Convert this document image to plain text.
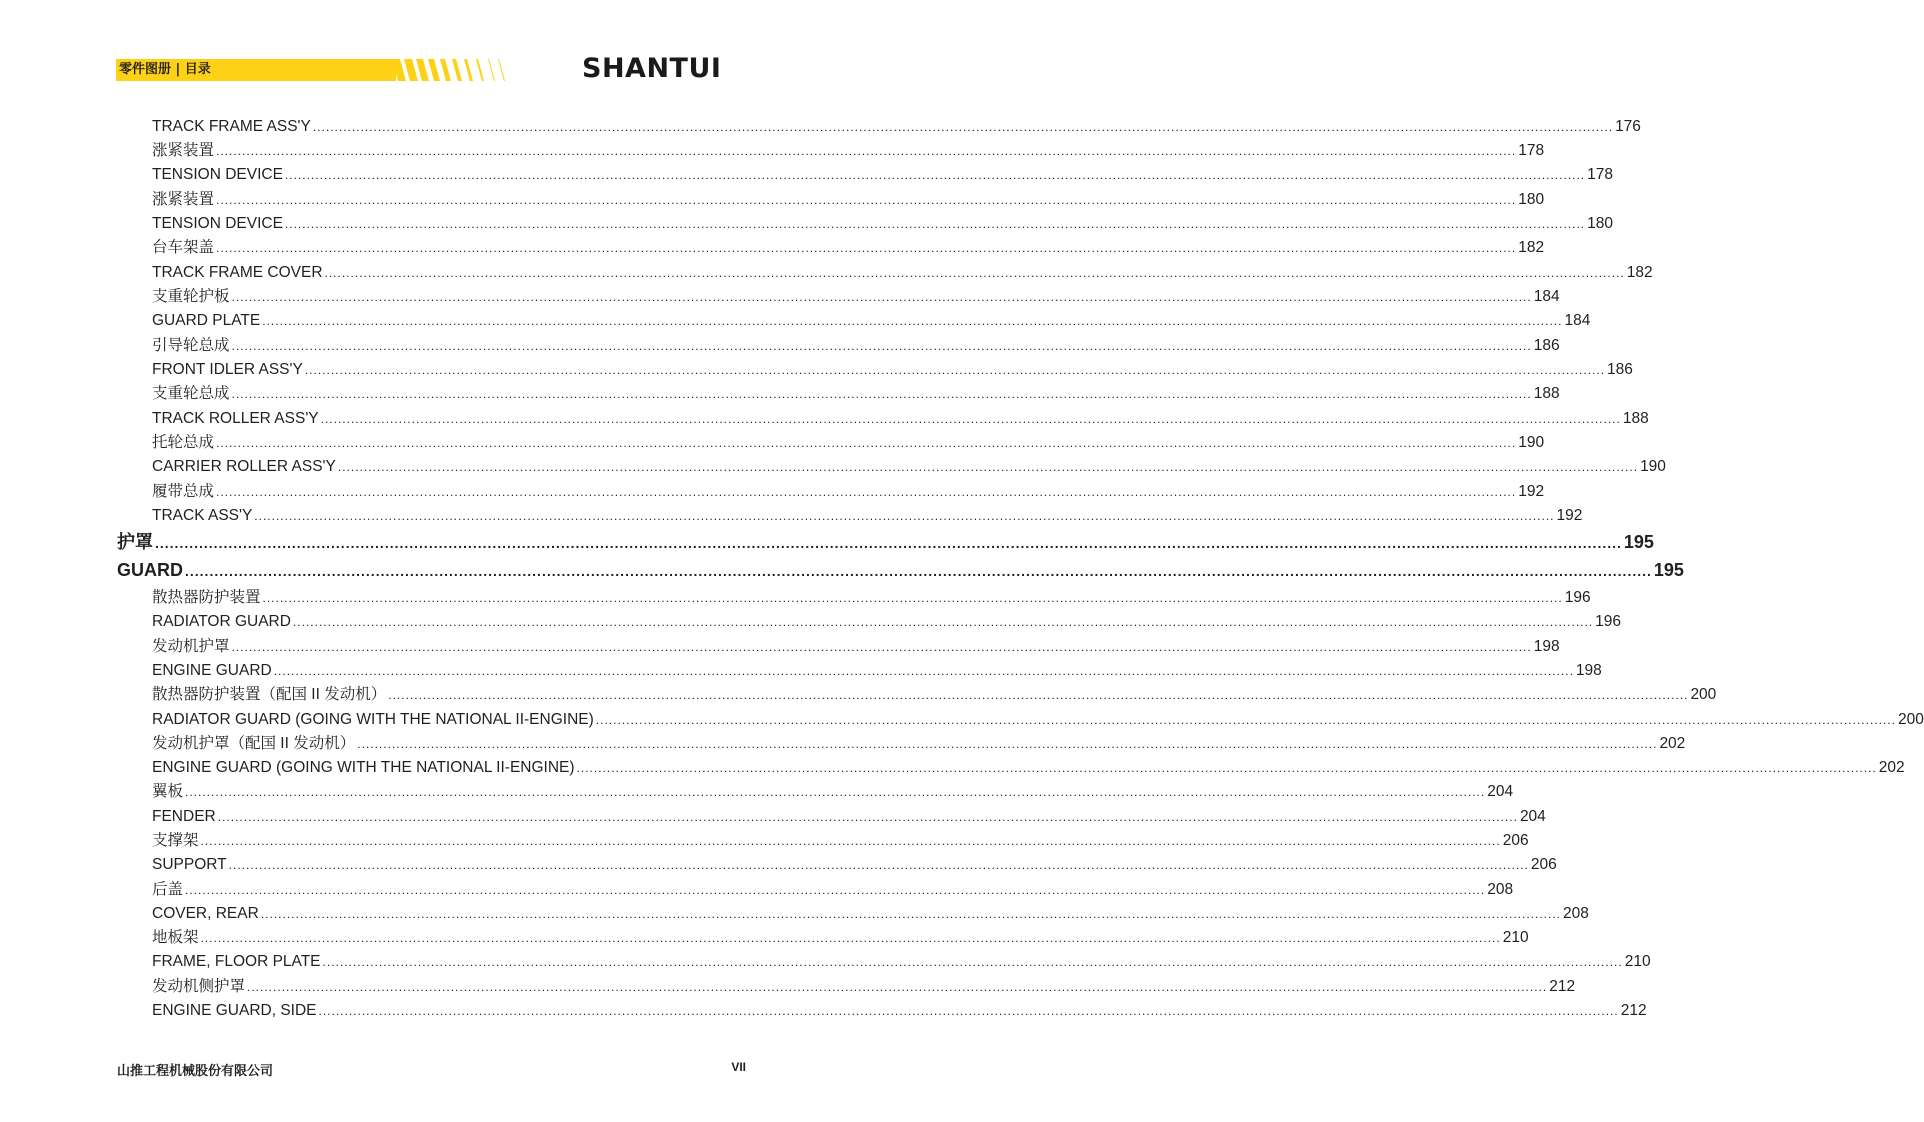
零件图册 | 目录	SHANTUI
TRACK FRAME ASS'Y ............................................................................................................................................................................................................................................................................................................ 176
涨紧装置 ............................................................................................................................................................................................................................................................................................................ 178
TENSION DEVICE ............................................................................................................................................................................................................................................................................................................ 178
涨紧装置 ............................................................................................................................................................................................................................................................................................................ 180
TENSION DEVICE ............................................................................................................................................................................................................................................................................................................ 180
台车架盖 ............................................................................................................................................................................................................................................................................................................ 182
TRACK FRAME COVER ............................................................................................................................................................................................................................................................................................................ 182
支重轮护板 ............................................................................................................................................................................................................................................................................................................ 184
GUARD PLATE ............................................................................................................................................................................................................................................................................................................ 184
引导轮总成 ............................................................................................................................................................................................................................................................................................................ 186
FRONT IDLER ASS'Y ............................................................................................................................................................................................................................................................................................................ 186
支重轮总成 ............................................................................................................................................................................................................................................................................................................ 188
TRACK ROLLER ASS'Y ............................................................................................................................................................................................................................................................................................................ 188
托轮总成 ............................................................................................................................................................................................................................................................................................................ 190
CARRIER ROLLER ASS'Y ............................................................................................................................................................................................................................................................................................................ 190
履带总成 ............................................................................................................................................................................................................................................................................................................ 192
TRACK ASS'Y ............................................................................................................................................................................................................................................................................................................ 192
护罩 ............................................................................................................................................................................................................................................................................................................ 195
GUARD ............................................................................................................................................................................................................................................................................................................ 195
散热器防护装置 ............................................................................................................................................................................................................................................................................................................ 196
RADIATOR GUARD ............................................................................................................................................................................................................................................................................................................ 196
发动机护罩 ............................................................................................................................................................................................................................................................................................................ 198
ENGINE GUARD ............................................................................................................................................................................................................................................................................................................ 198
散热器防护装置（配国 II 发动机） ............................................................................................................................................................................................................................................................................................................ 200
RADIATOR GUARD (GOING WITH THE NATIONAL II-ENGINE) ............................................................................................................................................................................................................................................................................................................ 200
发动机护罩（配国 II 发动机） ............................................................................................................................................................................................................................................................................................................ 202
ENGINE GUARD (GOING WITH THE NATIONAL II-ENGINE) ............................................................................................................................................................................................................................................................................................................ 202
翼板 ............................................................................................................................................................................................................................................................................................................ 204
FENDER ............................................................................................................................................................................................................................................................................................................ 204
支撑架 ............................................................................................................................................................................................................................................................................................................ 206
SUPPORT ............................................................................................................................................................................................................................................................................................................ 206
后盖 ............................................................................................................................................................................................................................................................................................................ 208
COVER, REAR ............................................................................................................................................................................................................................................................................................................ 208
地板架 ............................................................................................................................................................................................................................................................................................................ 210
FRAME, FLOOR PLATE ............................................................................................................................................................................................................................................................................................................ 210
发动机侧护罩 ............................................................................................................................................................................................................................................................................................................ 212
ENGINE GUARD, SIDE ............................................................................................................................................................................................................................................................................................................ 212
山推工程机械股份有限公司	VII
